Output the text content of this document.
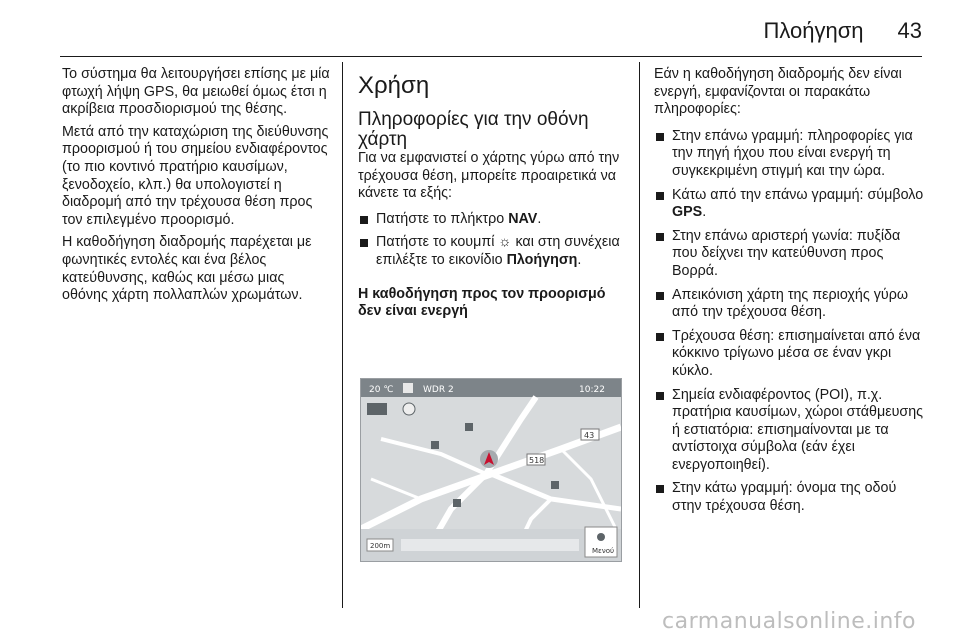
Πλοήγηση 43

Το σύστημα θα λειτουργήσει επίσης με μία φτωχή λήψη GPS, θα μειωθεί όμως έτσι η ακρίβεια προσδιορισμού της θέσης.

Μετά από την καταχώριση της διεύθυνσης προορισμού ή του σημείου ενδιαφέροντος (το πιο κοντινό πρατήριο καυσίμων, ξενοδοχείο, κλπ.) θα υπολογιστεί η διαδρομή από την τρέχουσα θέση προς τον επιλεγμένο προορισμό.

Η καθοδήγηση διαδρομής παρέχεται με φωνητικές εντολές και ένα βέλος κατεύθυνσης, καθώς και μέσω μιας οθόνης χάρτη πολλαπλών χρωμάτων.

Χρήση
Πληροφορίες για την οθόνη χάρτη

Για να εμφανιστεί ο χάρτης γύρω από την τρέχουσα θέση, μπορείτε προαιρετικά να κάνετε τα εξής:

Πατήστε το πλήκτρο NAV.
Πατήστε το κουμπί ☼ και στη συνέχεια επιλέξτε το εικονίδιο Πλοήγηση.
Η καθοδήγηση προς τον προορισμό δεν είναι ενεργή
20 ℃	WDR 2	10:22
43
518
200m
Μενού

Εάν η καθοδήγηση διαδρομής δεν είναι ενεργή, εμφανίζονται οι παρακάτω πληροφορίες:

Στην επάνω γραμμή: πληροφορίες για την πηγή ήχου που είναι ενεργή τη συγκεκριμένη στιγμή και την ώρα.
Κάτω από την επάνω γραμμή: σύμβολο GPS.
Στην επάνω αριστερή γωνία: πυξίδα που δείχνει την κατεύθυνση προς Βορρά.
Απεικόνιση χάρτη της περιοχής γύρω από την τρέχουσα θέση.
Τρέχουσα θέση: επισημαίνεται από ένα κόκκινο τρίγωνο μέσα σε έναν γκρι κύκλο.
Σημεία ενδιαφέροντος (POI), π.χ. πρατήρια καυσίμων, χώροι στάθμευσης ή εστιατόρια: επισημαίνονται με τα αντίστοιχα σύμβολα (εάν έχει ενεργοποιηθεί).
Στην κάτω γραμμή: όνομα της οδού στην τρέχουσα θέση.
carmanualsonline.info
